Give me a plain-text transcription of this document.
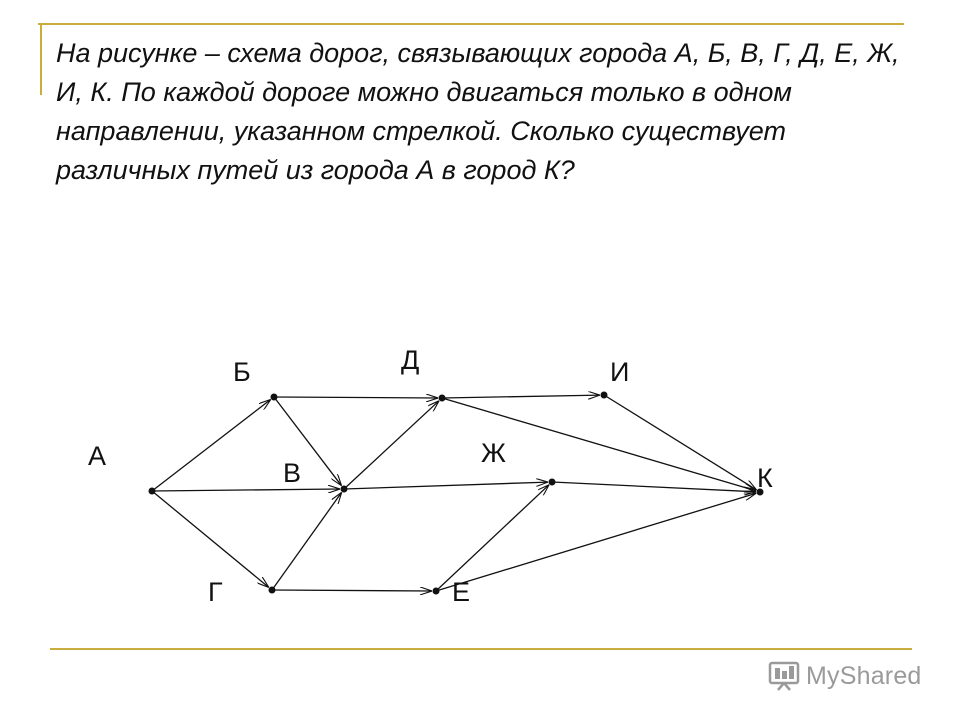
На рисунке – схема дорог, связывающих города А, Б, В, Г, Д, Е, Ж, И, К. По каждой дороге можно двигаться только в одном направлении, указанном стрелкой. Сколько существует различных путей из города А в город К?

А
Б
В
Г
Д
Е
Ж
И
К
MyShared
